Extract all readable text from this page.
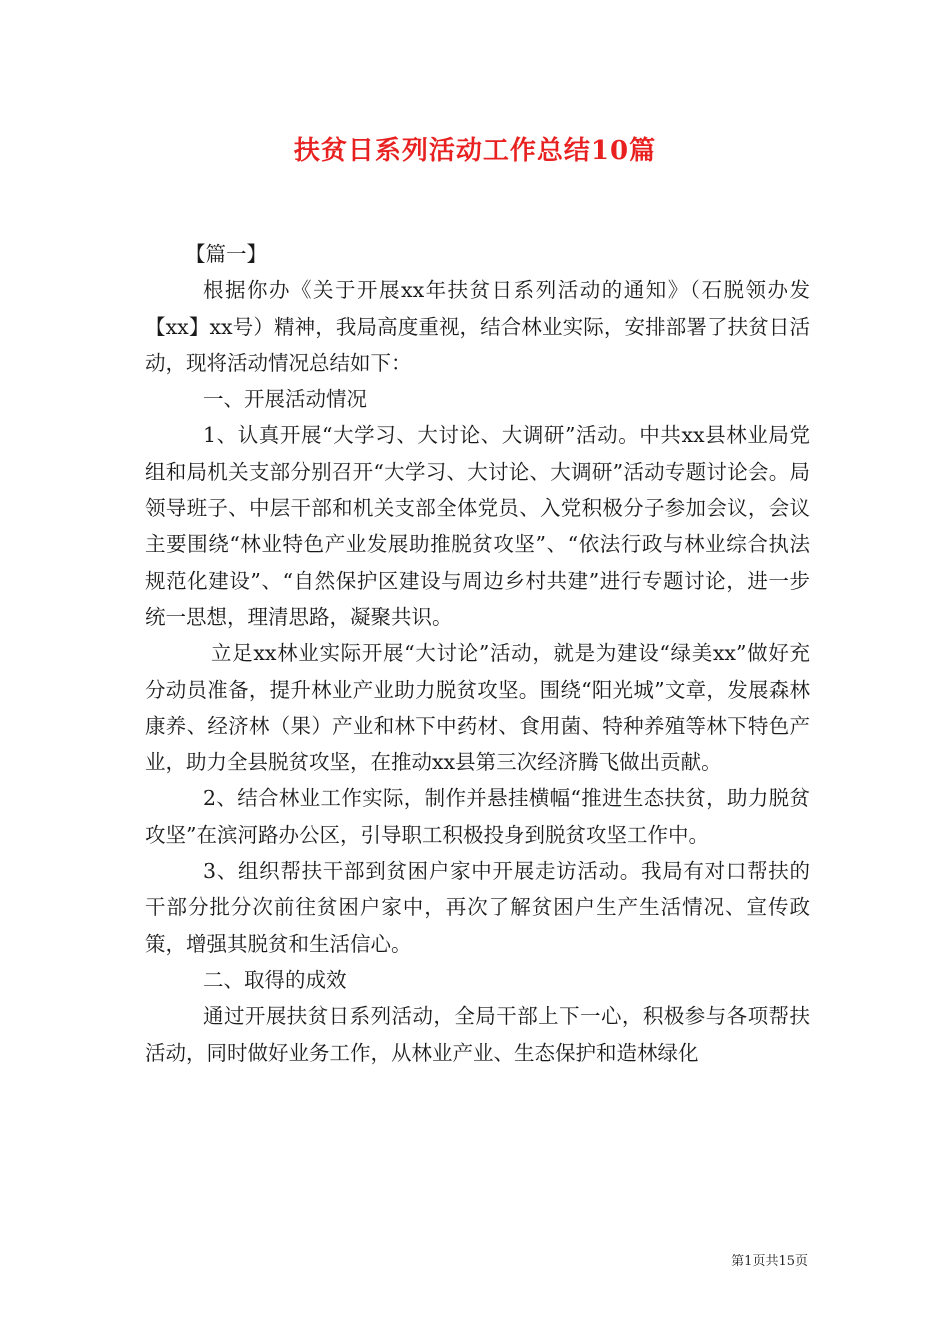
扶贫日系列活动工作总结10篇

【篇一】

根据你办《关于开展xx年扶贫日系列活动的通知》（石脱领办发【xx】xx号）精神，我局高度重视，结合林业实际，安排部署了扶贫日活动，现将活动情况总结如下：

一、开展活动情况

1、认真开展“大学习、大讨论、大调研”活动。中共xx县林业局党组和局机关支部分别召开“大学习、大讨论、大调研”活动专题讨论会。局领导班子、中层干部和机关支部全体党员、入党积极分子参加会议，会议主要围绕“林业特色产业发展助推脱贫攻坚”、“依法行政与林业综合执法规范化建设”、“自然保护区建设与周边乡村共建”进行专题讨论，进一步统一思想，理清思路，凝聚共识。

立足xx林业实际开展“大讨论”活动，就是为建设“绿美xx”做好充分动员准备，提升林业产业助力脱贫攻坚。围绕“阳光城”文章，发展森林康养、经济林（果）产业和林下中药材、食用菌、特种养殖等林下特色产业，助力全县脱贫攻坚，在推动xx县第三次经济腾飞做出贡献。

2、结合林业工作实际，制作并悬挂横幅“推进生态扶贫，助力脱贫攻坚”在滨河路办公区，引导职工积极投身到脱贫攻坚工作中。

3、组织帮扶干部到贫困户家中开展走访活动。我局有对口帮扶的干部分批分次前往贫困户家中，再次了解贫困户生产生活情况、宣传政策，增强其脱贫和生活信心。

二、取得的成效

通过开展扶贫日系列活动，全局干部上下一心，积极参与各项帮扶活动，同时做好业务工作，从林业产业、生态保护和造林绿化

第1页共15页
